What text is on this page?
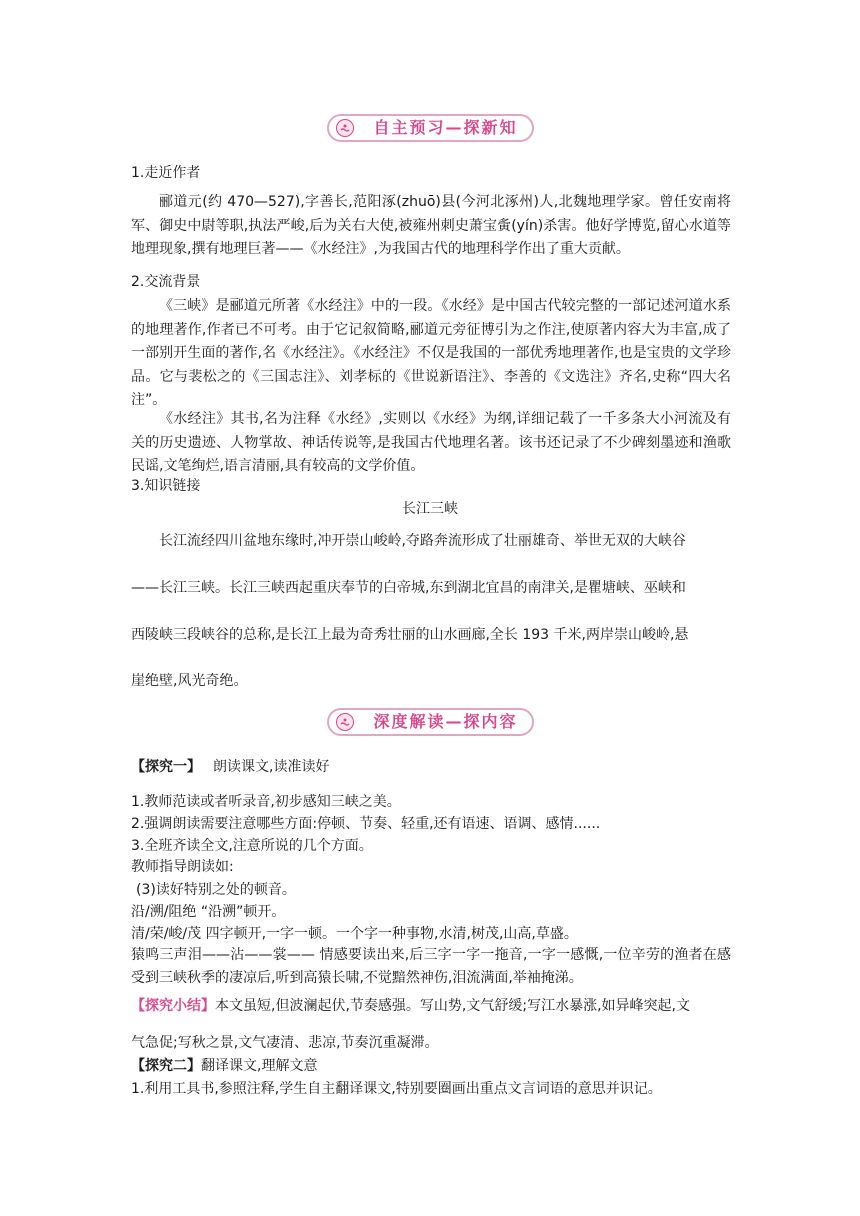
自主预习—探新知
1.走近作者
郦道元(约 470—527),字善长,范阳涿(zhuō)县(今河北涿州)人,北魏地理学家。曾任安南将军、御史中尉等职,执法严峻,后为关右大使,被雍州刺史萧宝夤(yín)杀害。他好学博览,留心水道等地理现象,撰有地理巨著——《水经注》,为我国古代的地理科学作出了重大贡献。
2.交流背景
《三峡》是郦道元所著《水经注》中的一段。《水经》是中国古代较完整的一部记述河道水系的地理著作,作者已不可考。由于它记叙简略,郦道元旁征博引为之作注,使原著内容大为丰富,成了一部别开生面的著作,名《水经注》。《水经注》不仅是我国的一部优秀地理著作,也是宝贵的文学珍品。它与裴松之的《三国志注》、刘孝标的《世说新语注》、李善的《文选注》齐名,史称“四大名注”。
《水经注》其书,名为注释《水经》,实则以《水经》为纲,详细记载了一千多条大小河流及有关的历史遗迹、人物掌故、神话传说等,是我国古代地理名著。该书还记录了不少碑刻墨迹和渔歌民谣,文笔绚烂,语言清丽,具有较高的文学价值。
3.知识链接
长江三峡
长江流经四川盆地东缘时,冲开崇山峻岭,夺路奔流形成了壮丽雄奇、举世无双的大峡谷
——长江三峡。长江三峡西起重庆奉节的白帝城,东到湖北宜昌的南津关,是瞿塘峡、巫峡和
西陵峡三段峡谷的总称,是长江上最为奇秀壮丽的山水画廊,全长 193 千米,两岸崇山峻岭,悬
崖绝壁,风光奇绝。
深度解读—探内容
【探究一】 朗读课文,读准读好
1.教师范读或者听录音,初步感知三峡之美。
2.强调朗读需要注意哪些方面:停顿、节奏、轻重,还有语速、语调、感情......
3.全班齐读全文,注意所说的几个方面。
教师指导朗读如:
(3)读好特别之处的顿音。
沿/溯/阻绝 “沿溯”顿开。
清/荣/峻/茂 四字顿开,一字一顿。一个字一种事物,水清,树茂,山高,草盛。
猿鸣三声泪——沾——裳—— 情感要读出来,后三字一字一拖音,一字一感慨,一位辛劳的渔者在感受到三峡秋季的凄凉后,听到高猿长啸,不觉黯然神伤,泪流满面,举袖掩涕。
【探究小结】本文虽短,但波澜起伏,节奏感强。写山势,文气舒缓;写江水暴涨,如异峰突起,文
气急促;写秋之景,文气凄清、悲凉,节奏沉重凝滞。
【探究二】翻译课文,理解文意
1.利用工具书,参照注释,学生自主翻译课文,特别要圈画出重点文言词语的意思并识记。
